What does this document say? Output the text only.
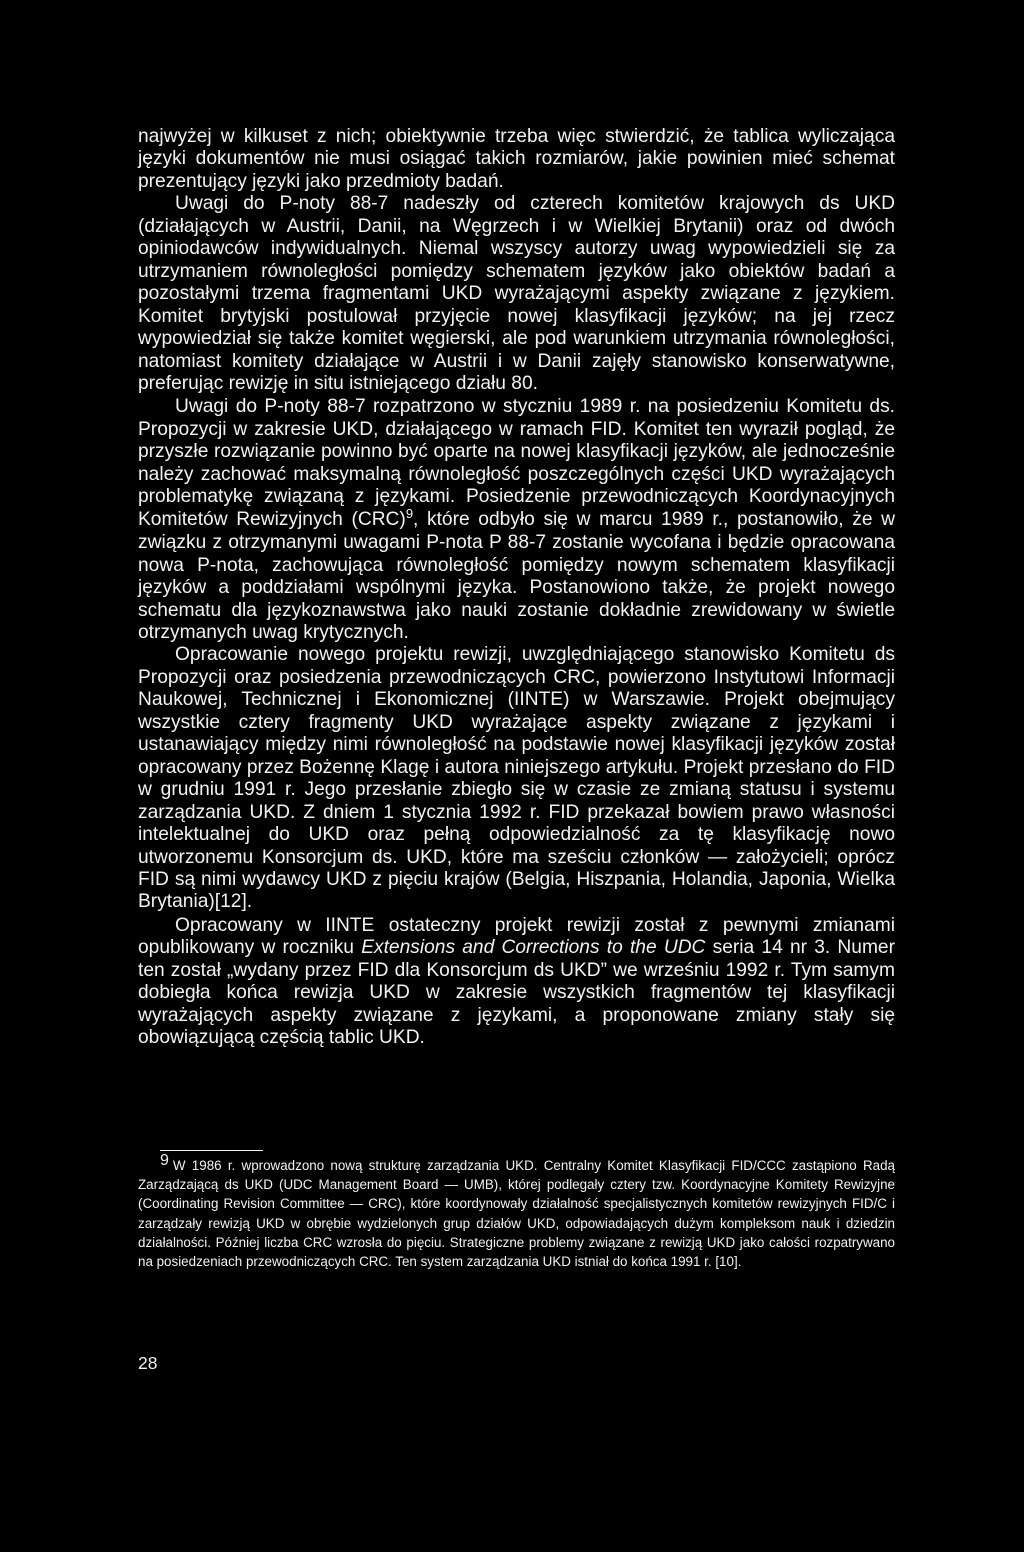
najwyżej w kilkuset z nich; obiektywnie trzeba więc stwierdzić, że tablica wyliczająca języki dokumentów nie musi osiągać takich rozmiarów, jakie powinien mieć schemat prezentujący języki jako przedmioty badań.

Uwagi do P-noty 88-7 nadeszły od czterech komitetów krajowych ds UKD (działających w Austrii, Danii, na Węgrzech i w Wielkiej Brytanii) oraz od dwóch opiniodawców indywidualnych. Niemal wszyscy autorzy uwag wypowiedzieli się za utrzymaniem równoległości pomiędzy schematem języków jako obiektów badań a pozostałymi trzema fragmentami UKD wyrażającymi aspekty związane z językiem. Komitet brytyjski postulował przyjęcie nowej klasyfikacji języków; na jej rzecz wypowiedział się także komitet węgierski, ale pod warunkiem utrzymania równoległości, natomiast komitety działające w Austrii i w Danii zajęły stanowisko konserwatywne, preferując rewizję in situ istniejącego działu 80.

Uwagi do P-noty 88-7 rozpatrzono w styczniu 1989 r. na posiedzeniu Komitetu ds. Propozycji w zakresie UKD, działającego w ramach FID. Komitet ten wyraził pogląd, że przyszłe rozwiązanie powinno być oparte na nowej klasyfikacji języków, ale jednocześnie należy zachować maksymalną równoległość poszczególnych części UKD wyrażających problematykę związaną z językami. Posiedzenie przewodniczących Koordynacyjnych Komitetów Rewizyjnych (CRC)$^9$, które odbyło się w marcu 1989 r., postanowiło, że w związku z otrzymanymi uwagami P-nota P 88-7 zostanie wycofana i będzie opracowana nowa P-nota, zachowująca równoległość pomiędzy nowym schematem klasyfikacji języków a poddziałami wspólnymi języka. Postanowiono także, że projekt nowego schematu dla językoznawstwa jako nauki zostanie dokładnie zrewidowany w świetle otrzymanych uwag krytycznych.

Opracowanie nowego projektu rewizji, uwzględniającego stanowisko Komitetu ds Propozycji oraz posiedzenia przewodniczących CRC, powierzono Instytutowi Informacji Naukowej, Technicznej i Ekonomicznej (IINTE) w Warszawie. Projekt obejmujący wszystkie cztery fragmenty UKD wyrażające aspekty związane z językami i ustanawiający między nimi równoległość na podstawie nowej klasyfikacji języków został opracowany przez Bożennę Klagę i autora niniejszego artykułu. Projekt przesłano do FID w grudniu 1991 r. Jego przesłanie zbiegło się w czasie ze zmianą statusu i systemu zarządzania UKD. Z dniem 1 stycznia 1992 r. FID przekazał bowiem prawo własności intelektualnej do UKD oraz pełną odpowiedzialność za tę klasyfikację nowo utworzonemu Konsorcjum ds. UKD, które ma sześciu członków — założycieli; oprócz FID są nimi wydawcy UKD z pięciu krajów (Belgia, Hiszpania, Holandia, Japonia, Wielka Brytania)[12].

Opracowany w IINTE ostateczny projekt rewizji został z pewnymi zmianami opublikowany w roczniku Extensions and Corrections to the UDC seria 14 nr 3. Numer ten został „wydany przez FID dla Konsorcjum ds UKD” we wrześniu 1992 r. Tym samym dobiegła końca rewizja UKD w zakresie wszystkich fragmentów tej klasyfikacji wyrażających aspekty związane z językami, a proponowane zmiany stały się obowiązującą częścią tablic UKD.

9 W 1986 r. wprowadzono nową strukturę zarządzania UKD. Centralny Komitet Klasyfikacji FID/CCC zastąpiono Radą Zarządzającą ds UKD (UDC Management Board — UMB), której podlegały cztery tzw. Koordynacyjne Komitety Rewizyjne (Coordinating Revision Committee — CRC), które koordynowały działalność specjalistycznych komitetów rewizyjnych FID/C i zarządzały rewizją UKD w obrębie wydzielonych grup działów UKD, odpowiadających dużym kompleksom nauk i dziedzin działalności. Później liczba CRC wzrosła do pięciu. Strategiczne problemy związane z rewizją UKD jako całości rozpatrywano na posiedzeniach przewodniczących CRC. Ten system zarządzania UKD istniał do końca 1991 r. [10].

28
